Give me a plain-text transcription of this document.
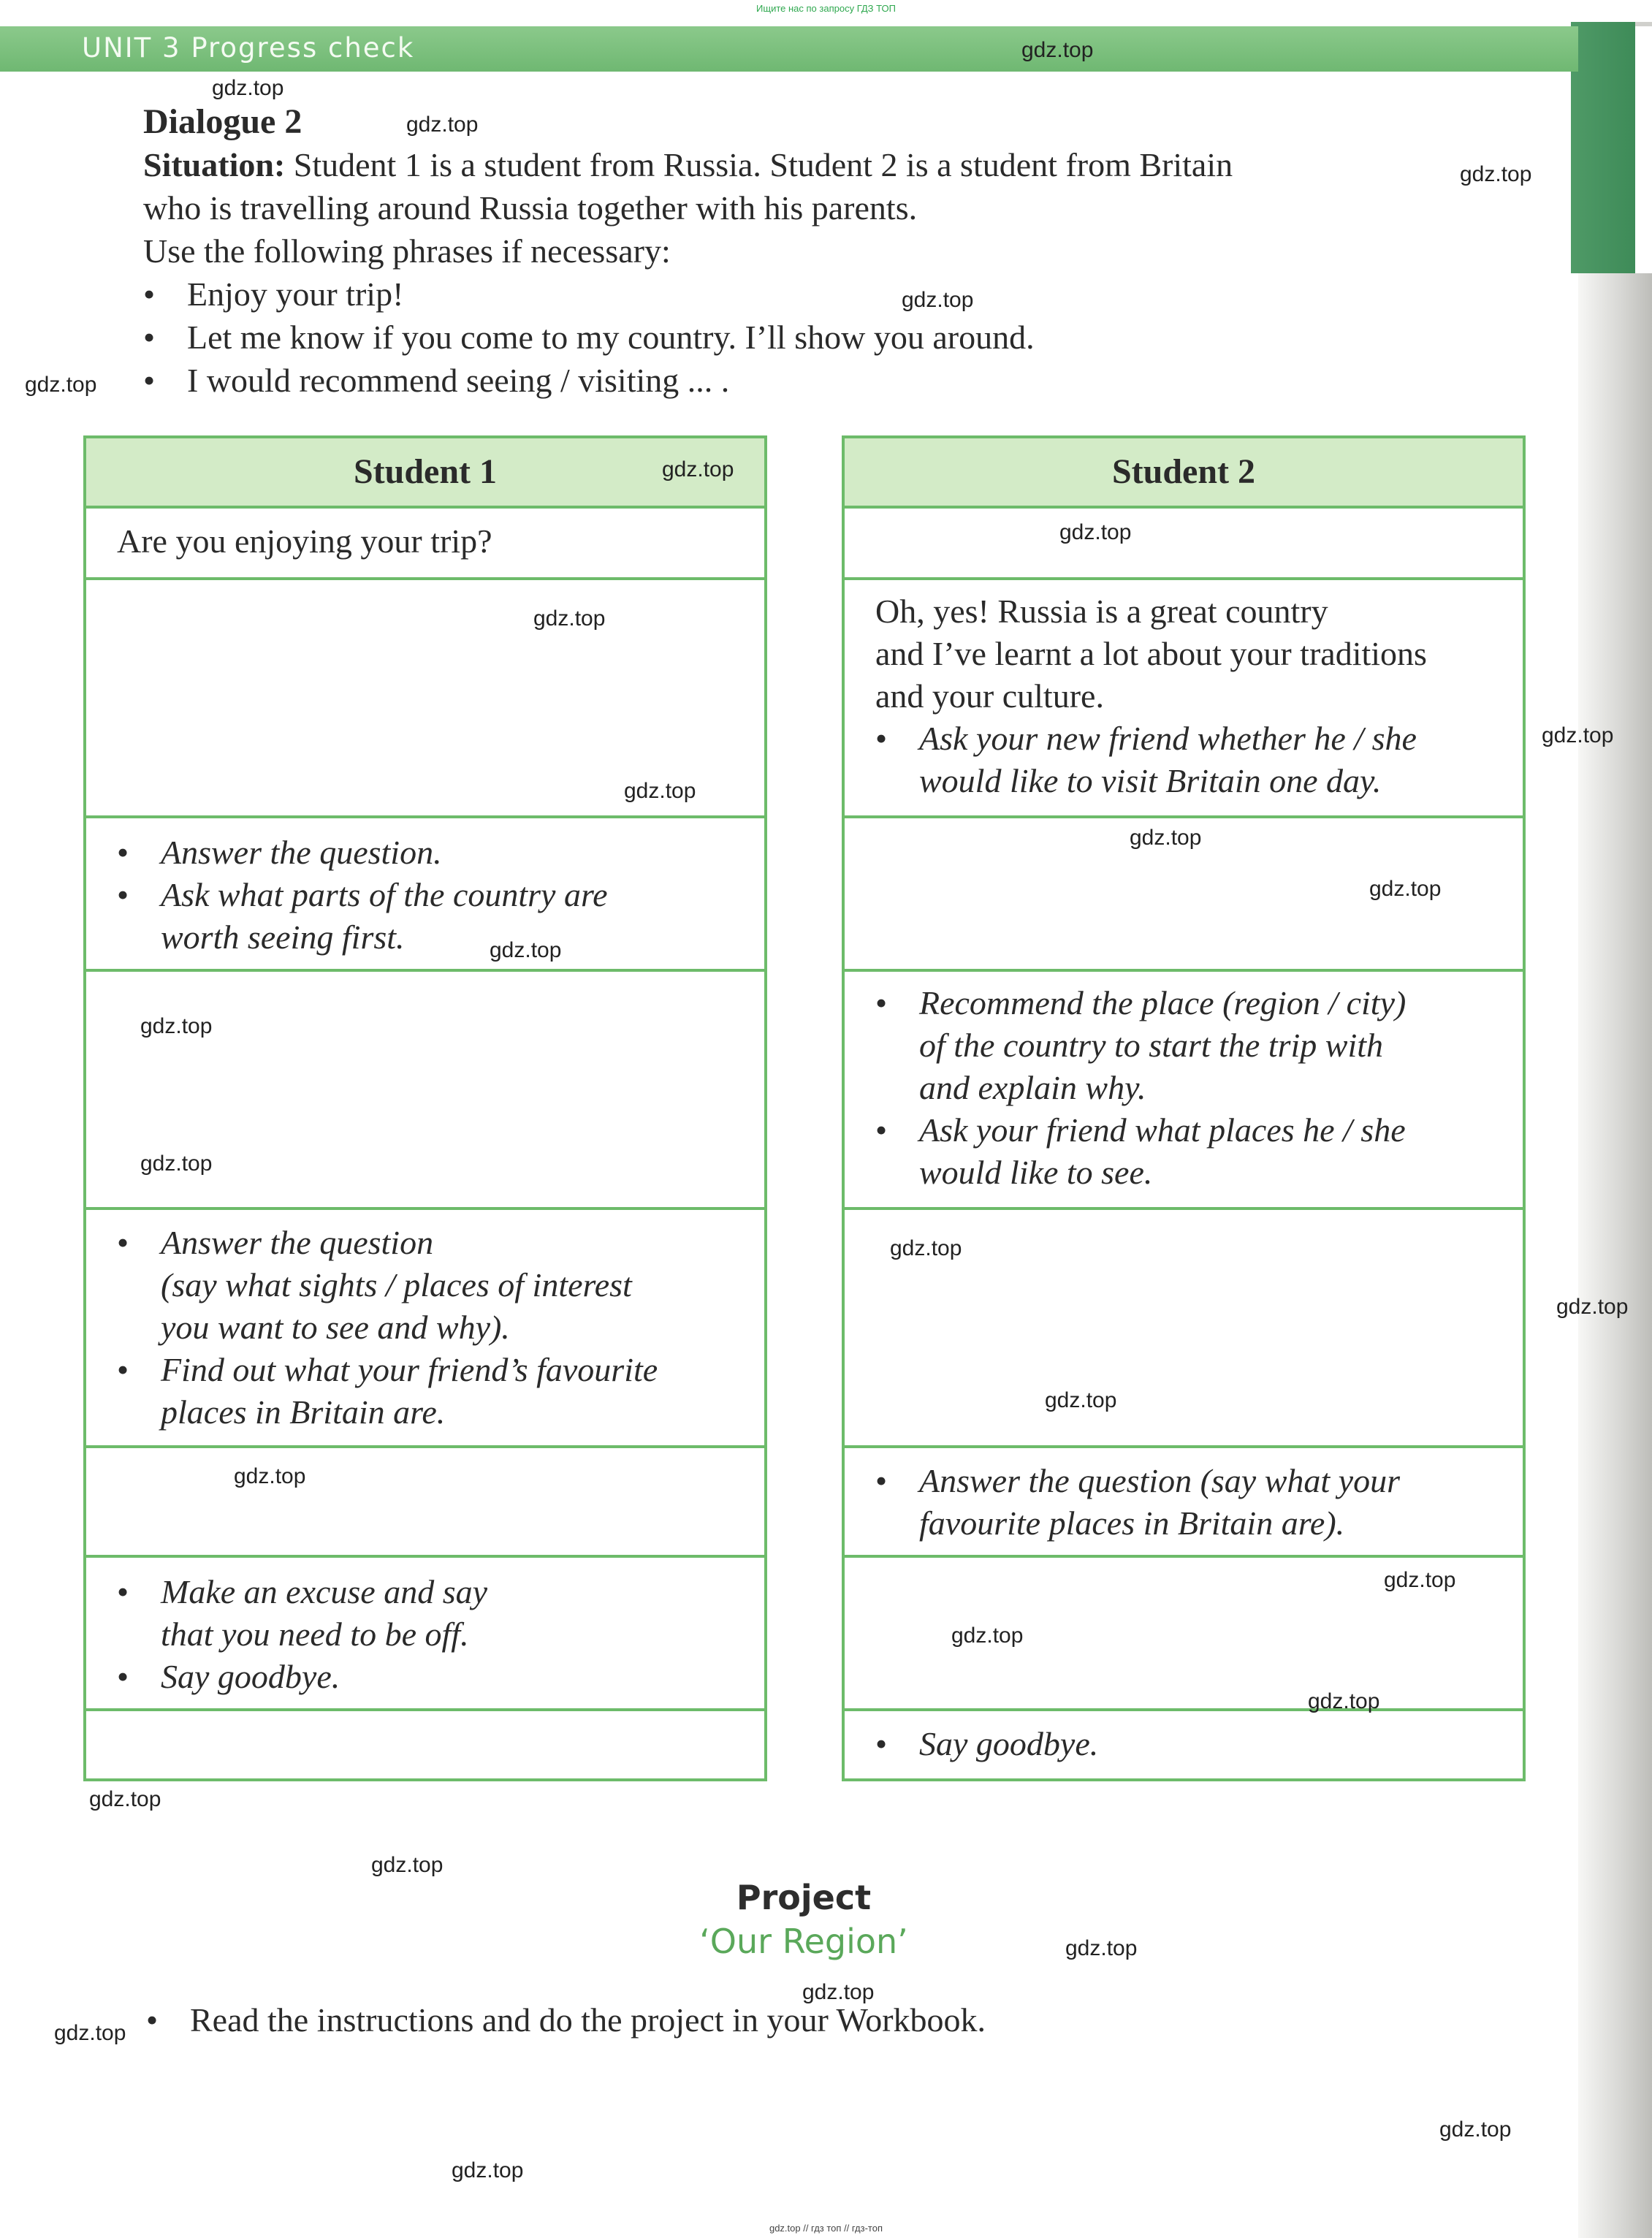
Ищите нас по запросу ГДЗ ТОП
UNIT 3 Progress check
Dialogue 2
Situation: Student 1 is a student from Russia. Student 2 is a student from Britain
who is travelling around Russia together with his parents.
Use the following phrases if necessary:
• Enjoy your trip!
• Let me know if you come to my country. I’ll show you around.
• I would recommend seeing / visiting ... .
Student 1
Are you enjoying your trip?
• Answer the question.
• Ask what parts of the country are
worth seeing first.
• Answer the question
(say what sights / places of interest
you want to see and why).
• Find out what your friend’s favourite
places in Britain are.
• Make an excuse and say
that you need to be off.
• Say goodbye.
Student 2
Oh, yes! Russia is a great country
and I’ve learnt a lot about your traditions
and your culture.
• Ask your new friend whether he / she
would like to visit Britain one day.
• Recommend the place (region / city)
of the country to start the trip with
and explain why.
• Ask your friend what places he / she
would like to see.
• Answer the question (say what your
favourite places in Britain are).
• Say goodbye.
Project
‘Our Region’
• Read the instructions and do the project in your Workbook.
gdz.top
gdz.top
gdz.top
gdz.top
gdz.top
gdz.top
gdz.top
gdz.top
gdz.top
gdz.top
gdz.top
gdz.top
gdz.top
gdz.top
gdz.top
gdz.top
gdz.top
gdz.top
gdz.top
gdz.top
gdz.top
gdz.top
gdz.top
gdz.top
gdz.top
gdz.top
gdz.top
gdz.top
gdz.top
gdz.top
gdz.top // гдз топ // гдз-топ
